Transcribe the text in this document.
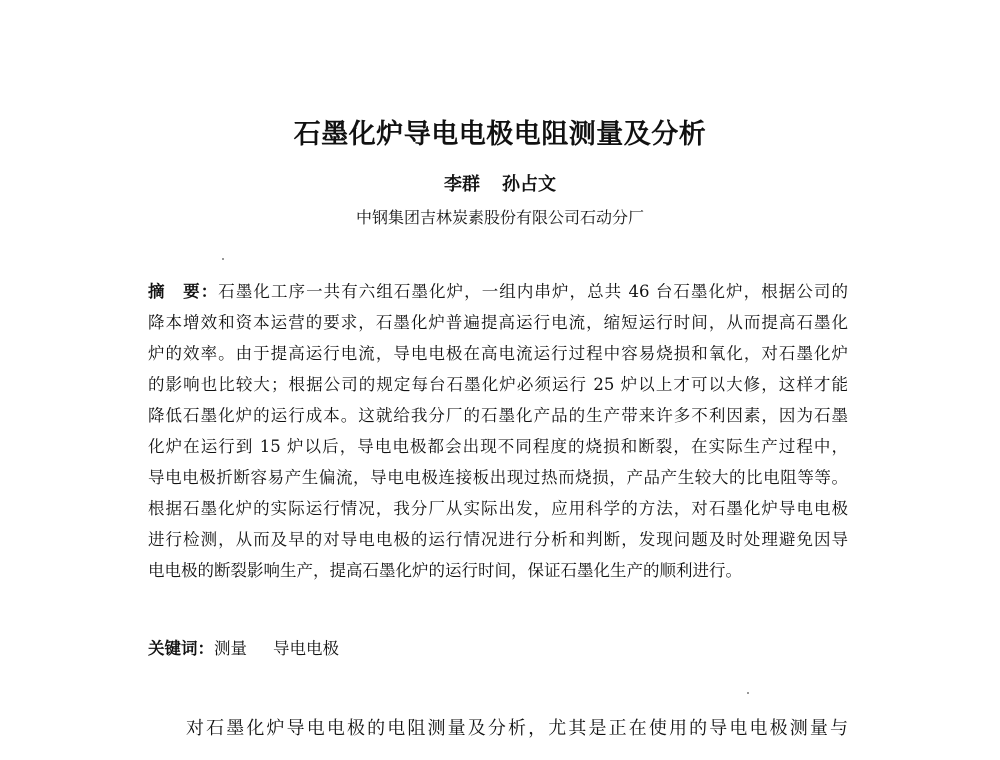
石墨化炉导电电极电阻测量及分析
李群 孙占文
中钢集团吉林炭素股份有限公司石动分厂
摘　要：石墨化工序一共有六组石墨化炉，一组内串炉，总共 46 台石墨化炉，根据公司的
降本增效和资本运营的要求，石墨化炉普遍提高运行电流，缩短运行时间，从而提高石墨化
炉的效率。由于提高运行电流，导电电极在高电流运行过程中容易烧损和氧化，对石墨化炉
的影响也比较大；根据公司的规定每台石墨化炉必须运行 25 炉以上才可以大修，这样才能
降低石墨化炉的运行成本。这就给我分厂的石墨化产品的生产带来许多不利因素，因为石墨
化炉在运行到 15 炉以后，导电电极都会出现不同程度的烧损和断裂，在实际生产过程中，
导电电极折断容易产生偏流，导电电极连接板出现过热而烧损，产品产生较大的比电阻等等。
根据石墨化炉的实际运行情况，我分厂从实际出发，应用科学的方法，对石墨化炉导电电极
进行检测，从而及早的对导电电极的运行情况进行分析和判断，发现问题及时处理避免因导
电电极的断裂影响生产，提高石墨化炉的运行时间，保证石墨化生产的顺利进行。
关键词：测量 导电电极
对石墨化炉导电电极的电阻测量及分析，尤其是正在使用的导电电极测量与
